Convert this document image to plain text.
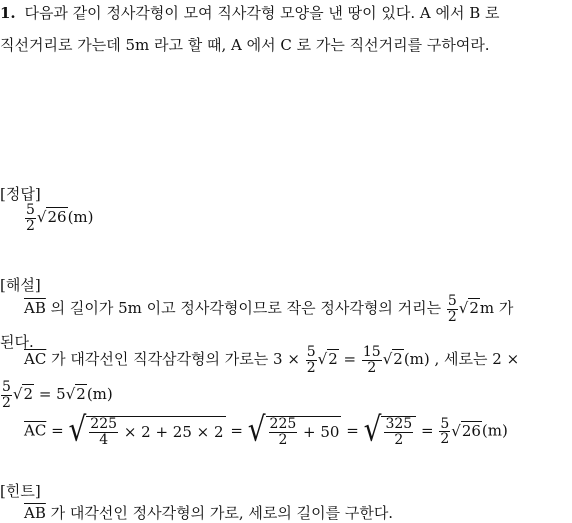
1. 다음과 같이 정사각형이 모여 직사각형 모양을 낸 땅이 있다. A 에서 B 로
직선거리로 가는데 5m 라고 할 때, A 에서 C 로 가는 직선거리를 구하여라.
[정답]
$\frac{5}{2} √26(m)$
[해설]
$\overline{AB}$ 의 길이가 5m 이고 정사각형이므로 작은 정사각형의 거리는 $\frac{5}{2} √2m$ 가
된다.
$\overline{AC}$ 가 대각선인 직각삼각형의 가로는 $3 \times \frac{5}{2} √2 = \frac{15}{2} √2(m)$ , 세로는 2 ×
$\frac{5}{2} √2 = 5√2(m)$
$\overline{AC}$ = √ $\frac{225}{4}$
× 2 + 25 × 2 = √ $\frac{225}{2}$
+ 50 = √ $\frac{325}{2} = \frac{5}{2} √26(m)$
[힌트]
$\overline{AB}$ 가 대각선인 정사각형의 가로, 세로의 길이를 구한다.
